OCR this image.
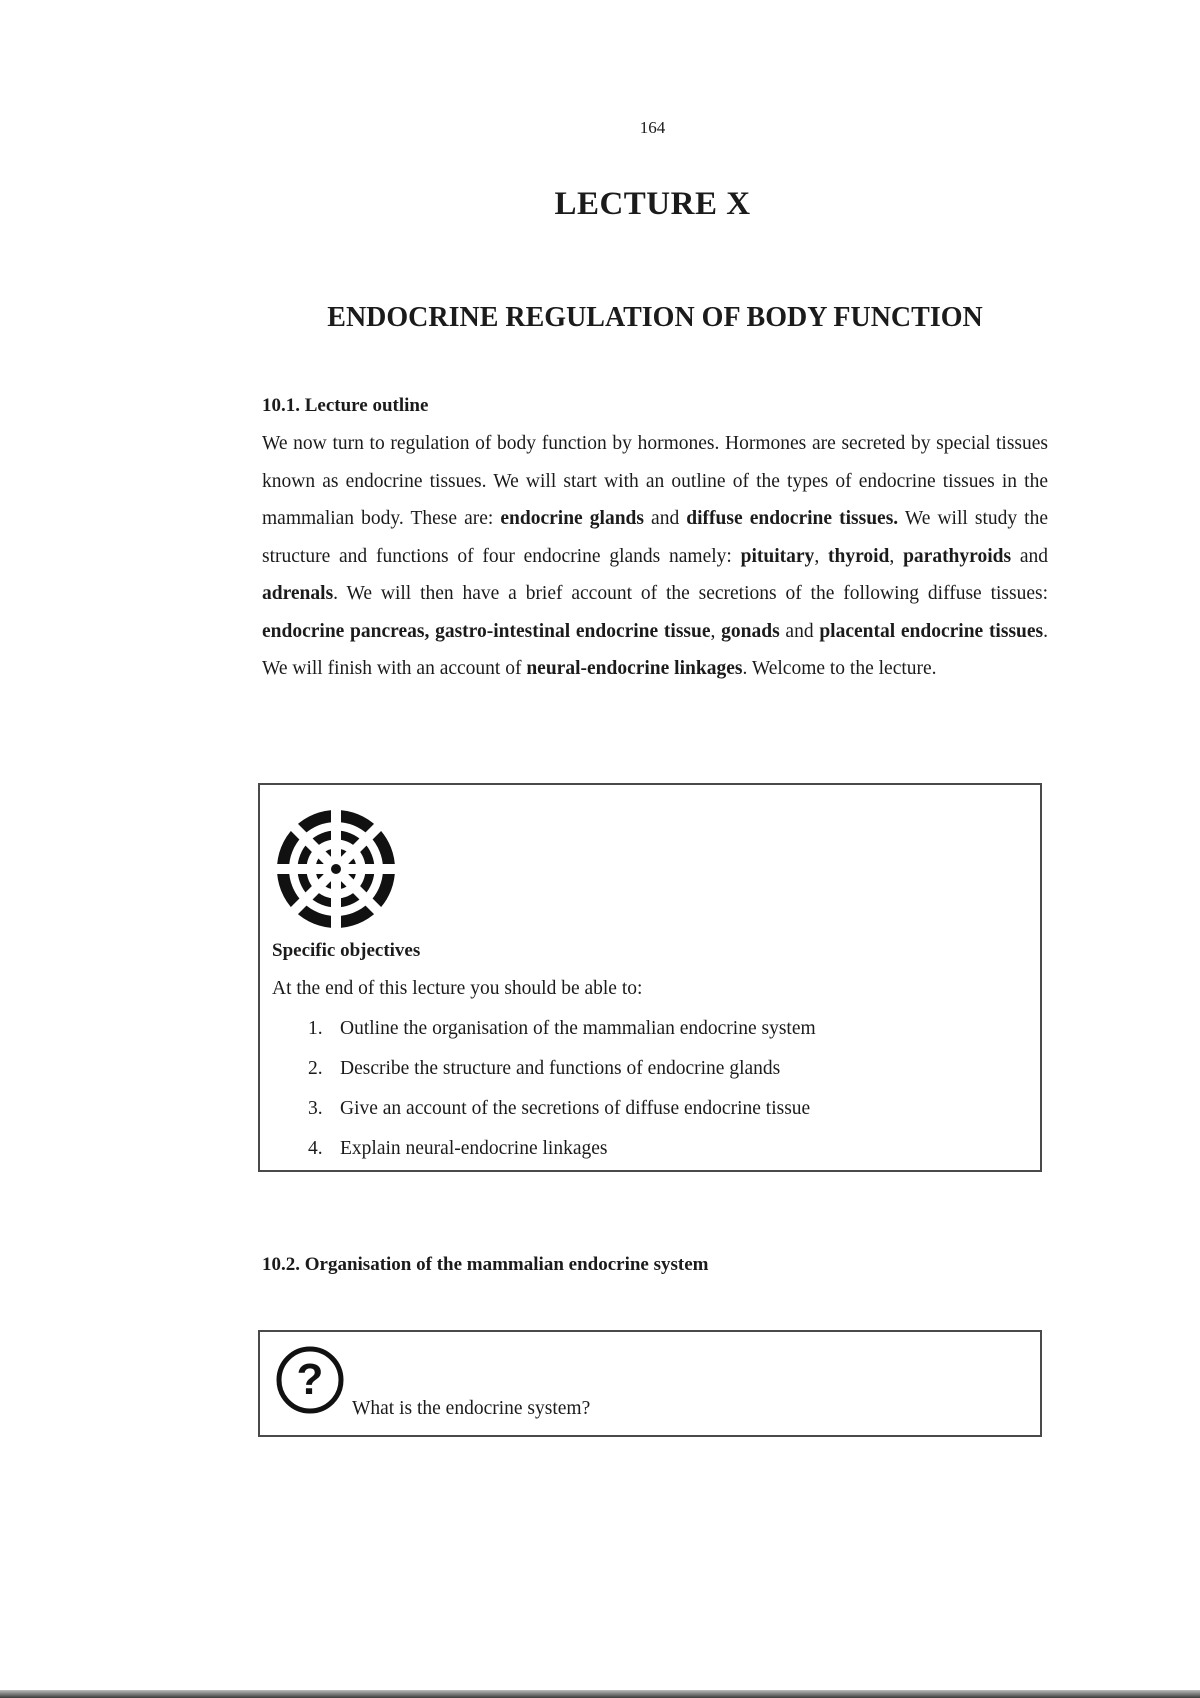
164
LECTURE X
ENDOCRINE REGULATION OF BODY FUNCTION
10.1. Lecture outline

We now turn to regulation of body function by hormones. Hormones are secreted by special tissues known as endocrine tissues. We will start with an outline of the types of endocrine tissues in the mammalian body. These are: endocrine glands and diffuse endocrine tissues. We will study the structure and functions of four endocrine glands namely: pituitary, thyroid, parathyroids and adrenals. We will then have a brief account of the secretions of the following diffuse tissues: endocrine pancreas, gastro-intestinal endocrine tissue, gonads and placental endocrine tissues. We will finish with an account of neural-endocrine linkages. Welcome to the lecture.

Specific objectives
At the end of this lecture you should be able to:
1. Outline the organisation of the mammalian endocrine system
2. Describe the structure and functions of endocrine glands
3. Give an account of the secretions of diffuse endocrine tissue
4. Explain neural-endocrine linkages
10.2. Organisation of the mammalian endocrine system
?
What is the endocrine system?
